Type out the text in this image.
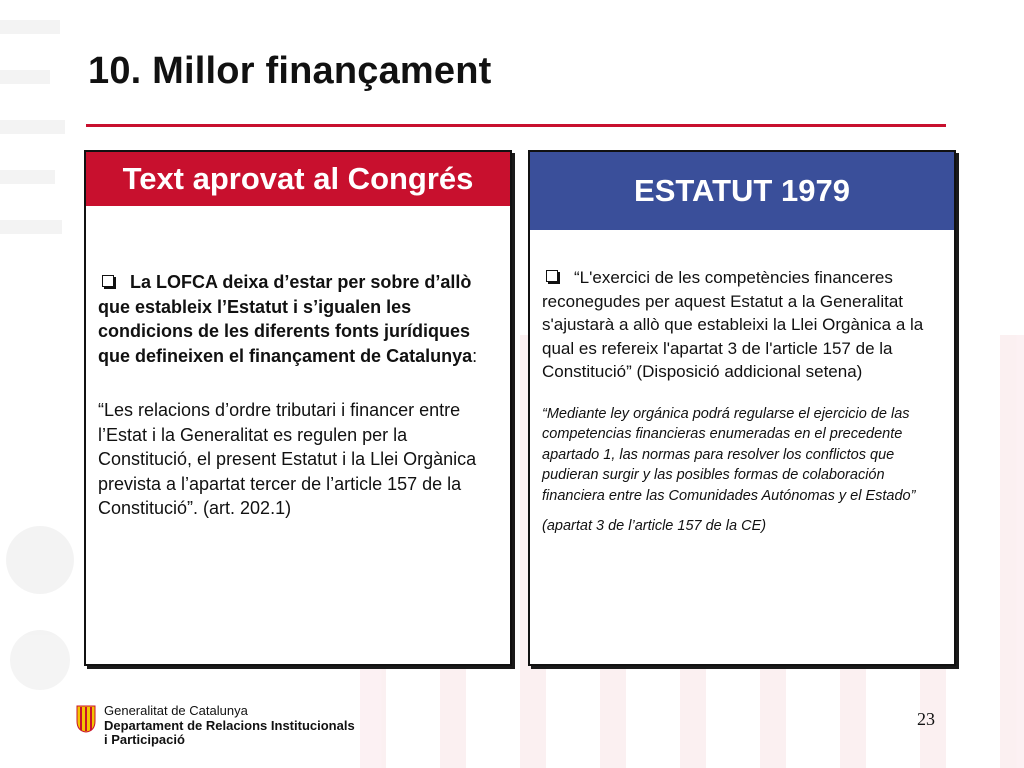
10. Millor finançament
Text aprovat al Congrés

La LOFCA deixa d’estar per sobre d’allò que estableix l’Estatut i s’igualen les condicions de les diferents fonts jurídiques que defineixen el finançament de Catalunya:

“Les relacions d’ordre tributari i financer entre l’Estat i la Generalitat es regulen per la Constitució, el present Estatut i la Llei Orgànica prevista a l’apartat tercer de l’article 157 de la Constitució”. (art. 202.1)

ESTATUT 1979

“L'exercici de les competències financeres reconegudes per aquest Estatut a la Generalitat s'ajustarà a allò que estableixi la Llei Orgànica a la qual es refereix l'apartat 3 de l'article 157 de la Constitució” (Disposició addicional setena)

“Mediante ley orgánica podrá regularse el ejercicio de las competencias financieras enumeradas en el precedente apartado 1, las normas para resolver los conflictos que pudieran surgir y las posibles formas de colaboración financiera entre las Comunidades Autónomas y el Estado”

(apartat 3 de l’article 157 de la CE)

Generalitat de Catalunya
Departament de Relacions Institucionals
i Participació
23
